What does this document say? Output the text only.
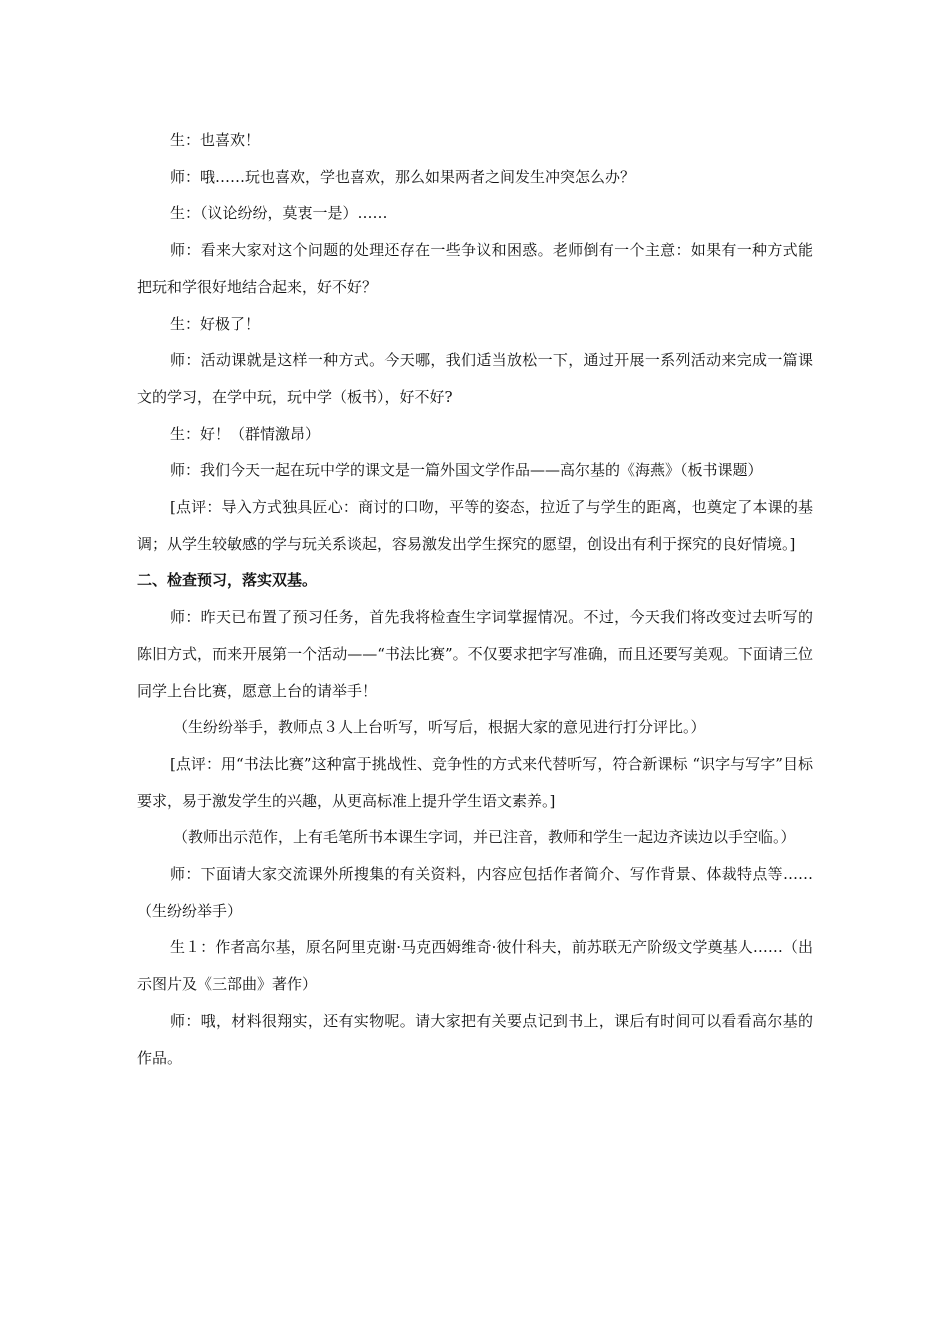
生：也喜欢！

师：哦……玩也喜欢，学也喜欢，那么如果两者之间发生冲突怎么办？

生：（议论纷纷，莫衷一是）……

师：看来大家对这个问题的处理还存在一些争议和困惑。老师倒有一个主意：如果有一种方式能把玩和学很好地结合起来，好不好？

生：好极了！

师：活动课就是这样一种方式。今天哪，我们适当放松一下，通过开展一系列活动来完成一篇课文的学习，在学中玩，玩中学（板书），好不好?

生：好！（群情激昂）

师：我们今天一起在玩中学的课文是一篇外国文学作品——高尔基的《海燕》（板书课题）

[点评：导入方式独具匠心：商讨的口吻，平等的姿态，拉近了与学生的距离，也奠定了本课的基调；从学生较敏感的学与玩关系谈起，容易激发出学生探究的愿望，创设出有利于探究的良好情境。]

二、检查预习，落实双基。

师：昨天已布置了预习任务，首先我将检查生字词掌握情况。不过，今天我们将改变过去听写的陈旧方式，而来开展第一个活动——“书法比赛”。不仅要求把字写准确，而且还要写美观。下面请三位同学上台比赛，愿意上台的请举手！

（生纷纷举手，教师点３人上台听写，听写后，根据大家的意见进行打分评比。）

[点评：用“书法比赛”这种富于挑战性、竞争性的方式来代替听写，符合新课标 “识字与写字”目标要求，易于激发学生的兴趣，从更高标准上提升学生语文素养。]

（教师出示范作，上有毛笔所书本课生字词，并已注音，教师和学生一起边齐读边以手空临。）

师：下面请大家交流课外所搜集的有关资料，内容应包括作者简介、写作背景、体裁特点等……（生纷纷举手）

生１：作者高尔基，原名阿里克谢·马克西姆维奇·彼什科夫，前苏联无产阶级文学奠基人……（出示图片及《三部曲》著作）

师：哦，材料很翔实，还有实物呢。请大家把有关要点记到书上，课后有时间可以看看高尔基的作品。
